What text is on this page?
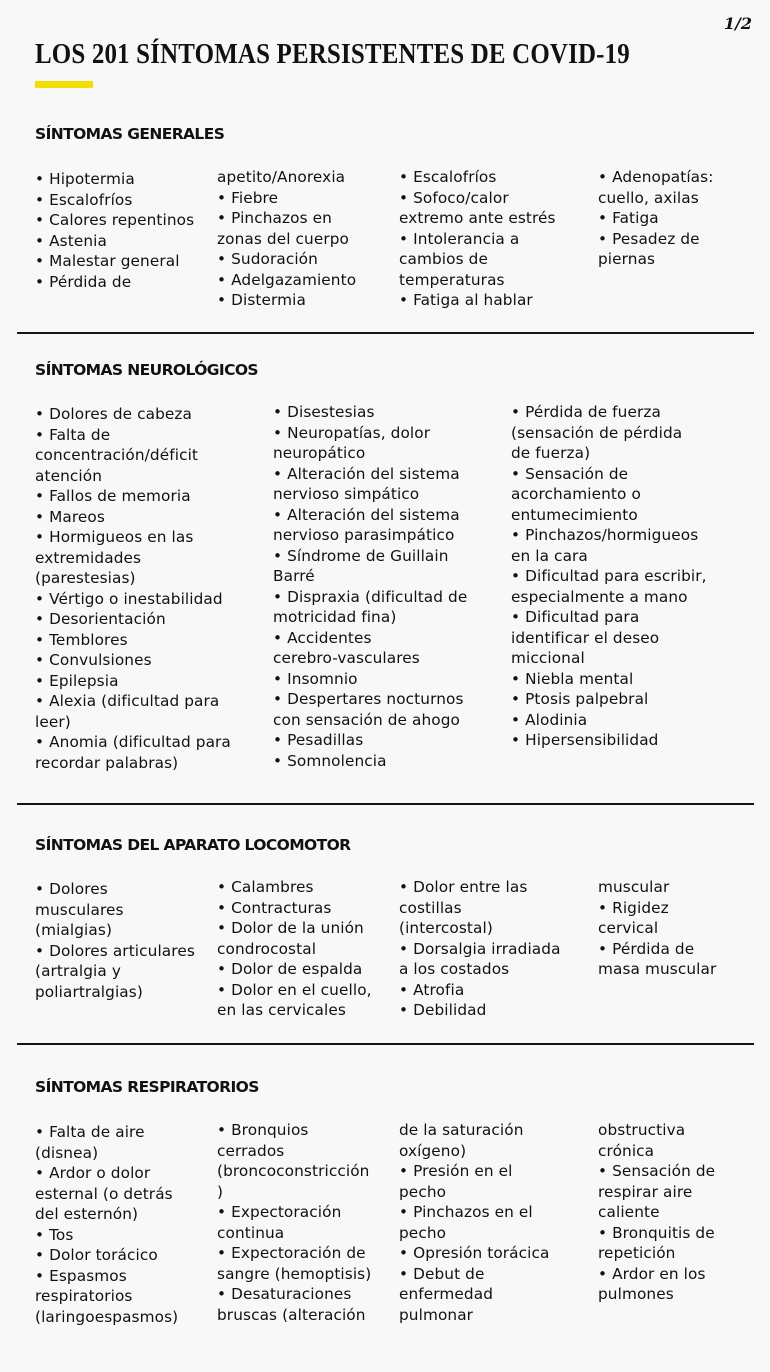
1/2
LOS 201 SÍNTOMAS PERSISTENTES DE COVID-19
SÍNTOMAS GENERALES
• Hipotermia
• Escalofríos
• Calores repentinos
• Astenia
• Malestar general
• Pérdida de
apetito/Anorexia
• Fiebre
• Pinchazos en
zonas del cuerpo
• Sudoración
• Adelgazamiento
• Distermia
• Escalofríos
• Sofoco/calor
extremo ante estrés
• Intolerancia a
cambios de
temperaturas
• Fatiga al hablar
• Adenopatías:
cuello, axilas
• Fatiga
• Pesadez de
piernas
SÍNTOMAS NEUROLÓGICOS
• Dolores de cabeza
• Falta de
concentración/déficit
atención
• Fallos de memoria
• Mareos
• Hormigueos en las
extremidades
(parestesias)
• Vértigo o inestabilidad
• Desorientación
• Temblores
• Convulsiones
• Epilepsia
• Alexia (dificultad para
leer)
• Anomia (dificultad para
recordar palabras)
• Disestesias
• Neuropatías, dolor
neuropático
• Alteración del sistema
nervioso simpático
• Alteración del sistema
nervioso parasimpático
• Síndrome de Guillain
Barré
• Dispraxia (dificultad de
motricidad fina)
• Accidentes
cerebro-vasculares
• Insomnio
• Despertares nocturnos
con sensación de ahogo
• Pesadillas
• Somnolencia
• Pérdida de fuerza
(sensación de pérdida
de fuerza)
• Sensación de
acorchamiento o
entumecimiento
• Pinchazos/hormigueos
en la cara
• Dificultad para escribir,
especialmente a mano
• Dificultad para
identificar el deseo
miccional
• Niebla mental
• Ptosis palpebral
• Alodinia
• Hipersensibilidad
SÍNTOMAS DEL APARATO LOCOMOTOR
• Dolores
musculares
(mialgias)
• Dolores articulares
(artralgia y
poliartralgias)
• Calambres
• Contracturas
• Dolor de la unión
condrocostal
• Dolor de espalda
• Dolor en el cuello,
en las cervicales
• Dolor entre las
costillas
(intercostal)
• Dorsalgia irradiada
a los costados
• Atrofia
• Debilidad
muscular
• Rigidez
cervical
• Pérdida de
masa muscular
SÍNTOMAS RESPIRATORIOS
• Falta de aire
(disnea)
• Ardor o dolor
esternal (o detrás
del esternón)
• Tos
• Dolor torácico
• Espasmos
respiratorios
(laringoespasmos)
• Bronquios
cerrados
(broncoconstricción
)
• Expectoración
continua
• Expectoración de
sangre (hemoptisis)
• Desaturaciones
bruscas (alteración
de la saturación
oxígeno)
• Presión en el
pecho
• Pinchazos en el
pecho
• Opresión torácica
• Debut de
enfermedad
pulmonar
obstructiva
crónica
• Sensación de
respirar aire
caliente
• Bronquitis de
repetición
• Ardor en los
pulmones
